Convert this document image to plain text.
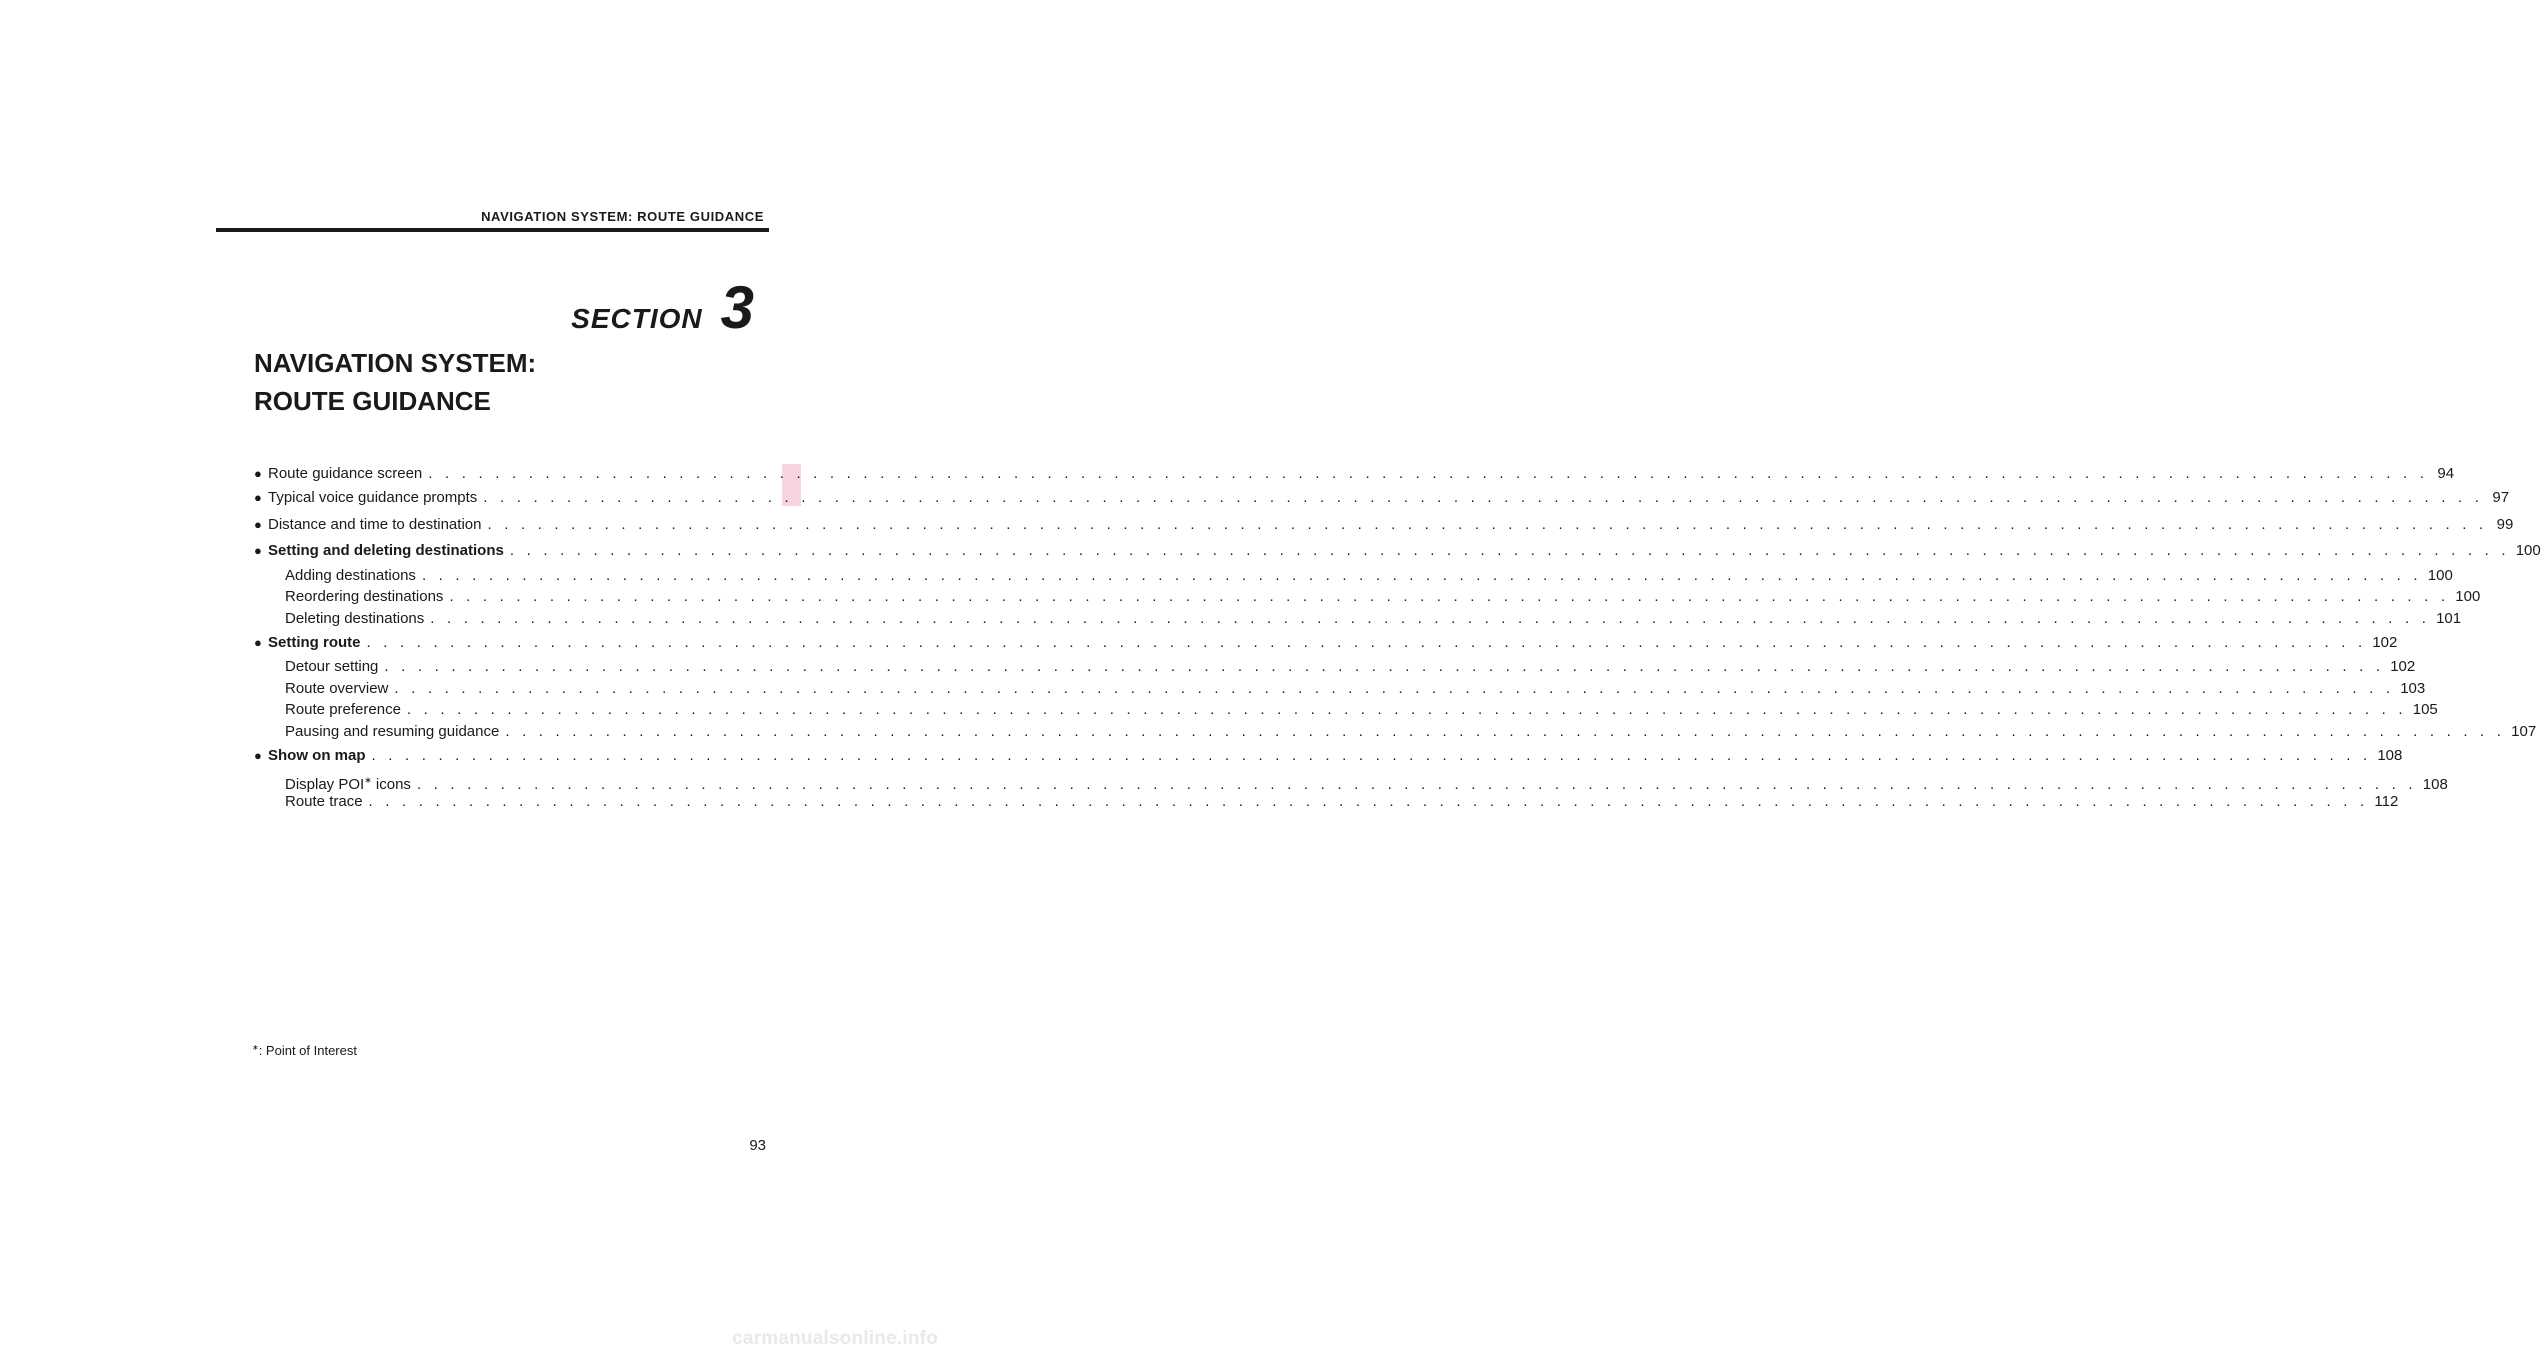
NAVIGATION SYSTEM: ROUTE GUIDANCE
SECTION 3
NAVIGATION SYSTEM:
ROUTE GUIDANCE
● Route guidance screen . . . . . . . . . . . . . . . . . . . . . . . . . . . . . . . . . . . . . . . . . . . . . . . . . . . . . . . . . . . . . . . . . . . . . . . . . . . . . . . . . . . . . . . . . . . . . . . . . . . . . . . . . . . . . . . . . . . . . . . . 94
● Typical voice guidance prompts . . . . . . . . . . . . . . . . . . . . . . . . . . . . . . . . . . . . . . . . . . . . . . . . . . . . . . . . . . . . . . . . . . . . . . . . . . . . . . . . . . . . . . . . . . . . . . . . . . . . . . . . . . . . . . . . . . . . . . . . 97
● Distance and time to destination . . . . . . . . . . . . . . . . . . . . . . . . . . . . . . . . . . . . . . . . . . . . . . . . . . . . . . . . . . . . . . . . . . . . . . . . . . . . . . . . . . . . . . . . . . . . . . . . . . . . . . . . . . . . . . . . . . . . . . . . 99
● Setting and deleting destinations . . . . . . . . . . . . . . . . . . . . . . . . . . . . . . . . . . . . . . . . . . . . . . . . . . . . . . . . . . . . . . . . . . . . . . . . . . . . . . . . . . . . . . . . . . . . . . . . . . . . . . . . . . . . . . . . . . . . . . . . 100
Adding destinations . . . . . . . . . . . . . . . . . . . . . . . . . . . . . . . . . . . . . . . . . . . . . . . . . . . . . . . . . . . . . . . . . . . . . . . . . . . . . . . . . . . . . . . . . . . . . . . . . . . . . . . . . . . . . . . . . . . . . . . . 100
Reordering destinations . . . . . . . . . . . . . . . . . . . . . . . . . . . . . . . . . . . . . . . . . . . . . . . . . . . . . . . . . . . . . . . . . . . . . . . . . . . . . . . . . . . . . . . . . . . . . . . . . . . . . . . . . . . . . . . . . . . . . . . . 100
Deleting destinations . . . . . . . . . . . . . . . . . . . . . . . . . . . . . . . . . . . . . . . . . . . . . . . . . . . . . . . . . . . . . . . . . . . . . . . . . . . . . . . . . . . . . . . . . . . . . . . . . . . . . . . . . . . . . . . . . . . . . . . . 101
● Setting route . . . . . . . . . . . . . . . . . . . . . . . . . . . . . . . . . . . . . . . . . . . . . . . . . . . . . . . . . . . . . . . . . . . . . . . . . . . . . . . . . . . . . . . . . . . . . . . . . . . . . . . . . . . . . . . . . . . . . . . . 102
Detour setting . . . . . . . . . . . . . . . . . . . . . . . . . . . . . . . . . . . . . . . . . . . . . . . . . . . . . . . . . . . . . . . . . . . . . . . . . . . . . . . . . . . . . . . . . . . . . . . . . . . . . . . . . . . . . . . . . . . . . . . . 102
Route overview . . . . . . . . . . . . . . . . . . . . . . . . . . . . . . . . . . . . . . . . . . . . . . . . . . . . . . . . . . . . . . . . . . . . . . . . . . . . . . . . . . . . . . . . . . . . . . . . . . . . . . . . . . . . . . . . . . . . . . . . 103
Route preference . . . . . . . . . . . . . . . . . . . . . . . . . . . . . . . . . . . . . . . . . . . . . . . . . . . . . . . . . . . . . . . . . . . . . . . . . . . . . . . . . . . . . . . . . . . . . . . . . . . . . . . . . . . . . . . . . . . . . . . . 105
Pausing and resuming guidance . . . . . . . . . . . . . . . . . . . . . . . . . . . . . . . . . . . . . . . . . . . . . . . . . . . . . . . . . . . . . . . . . . . . . . . . . . . . . . . . . . . . . . . . . . . . . . . . . . . . . . . . . . . . . . . . . . . . . . . . 107
● Show on map . . . . . . . . . . . . . . . . . . . . . . . . . . . . . . . . . . . . . . . . . . . . . . . . . . . . . . . . . . . . . . . . . . . . . . . . . . . . . . . . . . . . . . . . . . . . . . . . . . . . . . . . . . . . . . . . . . . . . . . . 108
Display POI∗ icons . . . . . . . . . . . . . . . . . . . . . . . . . . . . . . . . . . . . . . . . . . . . . . . . . . . . . . . . . . . . . . . . . . . . . . . . . . . . . . . . . . . . . . . . . . . . . . . . . . . . . . . . . . . . . . . . . . . . . . . . 108
Route trace . . . . . . . . . . . . . . . . . . . . . . . . . . . . . . . . . . . . . . . . . . . . . . . . . . . . . . . . . . . . . . . . . . . . . . . . . . . . . . . . . . . . . . . . . . . . . . . . . . . . . . . . . . . . . . . . . . . . . . . . 112
∗: Point of Interest
93
carmanualsonline.info
